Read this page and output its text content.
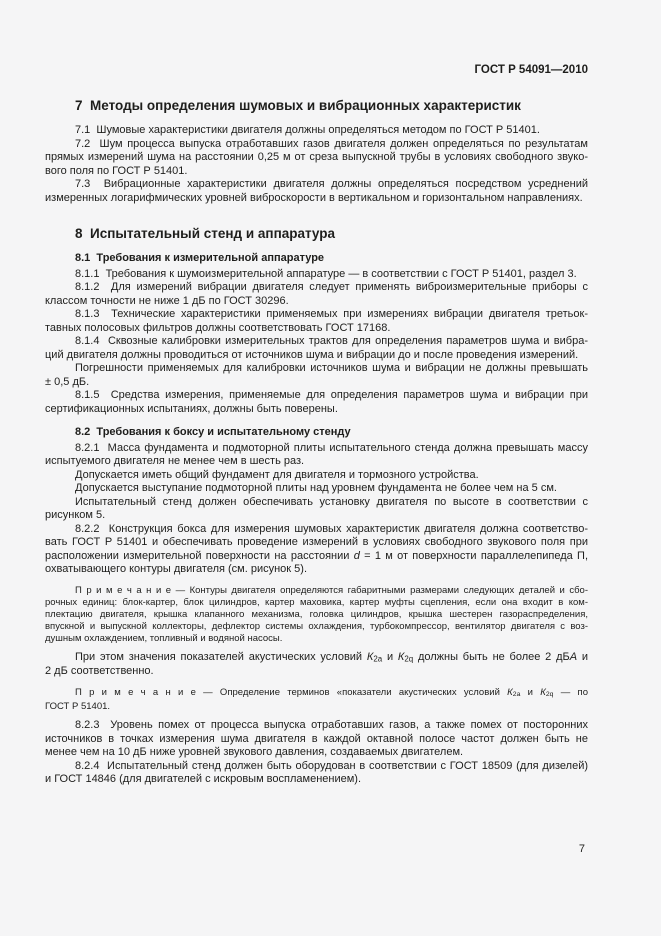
ГОСТ Р 54091—2010
7  Методы определения шумовых и вибрационных характеристик
7.1  Шумовые характеристики двигателя должны определяться методом по ГОСТ Р 51401.
7.2  Шум процесса выпуска отработавших газов двигателя должен определяться по результатам
прямых измерений шума на расстоянии 0,25 м от среза выпускной трубы в условиях свободного звуко-
вого поля по ГОСТ Р 51401.
7.3  Вибрационные характеристики двигателя должны определяться посредством усреднений
измеренных логарифмических уровней виброскорости в вертикальном и горизонтальном направлениях.
8  Испытательный стенд и аппаратура
8.1  Требования к измерительной аппаратуре
8.1.1  Требования к шумоизмерительной аппаратуре — в соответствии с ГОСТ Р 51401, раздел 3.
8.1.2  Для измерений вибрации двигателя следует применять виброизмерительные приборы с
классом точности не ниже 1 дБ по ГОСТ 30296.
8.1.3  Технические характеристики применяемых при измерениях вибрации двигателя третьок-
тавных полосовых фильтров должны соответствовать ГОСТ 17168.
8.1.4  Сквозные калибровки измерительных трактов для определения параметров шума и вибра-
ций двигателя должны проводиться от источников шума и вибрации до и после проведения измерений.
Погрешности применяемых для калибровки источников шума и вибрации не должны превышать
± 0,5 дБ.
8.1.5  Средства измерения, применяемые для определения параметров шума и вибрации при
сертификационных испытаниях, должны быть поверены.
8.2  Требования к боксу и испытательному стенду
8.2.1  Масса фундамента и подмоторной плиты испытательного стенда должна превышать массу
испытуемого двигателя не менее чем в шесть раз.
Допускается иметь общий фундамент для двигателя и тормозного устройства.
Допускается выступание подмоторной плиты над уровнем фундамента не более чем на 5 см.
Испытательный стенд должен обеспечивать установку двигателя по высоте в соответствии с
рисунком 5.
8.2.2  Конструкция бокса для измерения шумовых характеристик двигателя должна соответство-
вать ГОСТ Р 51401 и обеспечивать проведение измерений в условиях свободного звукового поля при
расположении измерительной поверхности на расстоянии d = 1 м от поверхности параллелепипеда П,
охватывающего контуры двигателя (см. рисунок 5).
П р и м е ч а н и е — Контуры двигателя определяются габаритными размерами следующих деталей и сбо-
рочных единиц: блок-картер, блок цилиндров, картер маховика, картер муфты сцепления, если она входит в ком-
плектацию двигателя, крышка клапанного механизма, головка цилиндров, крышка шестерен газораспределения,
впускной и выпускной коллекторы, дефлектор системы охлаждения, турбокомпрессор, вентилятор двигателя с воз-
душным охлаждением, топливный и водяной насосы.
При этом значения показателей акустических условий К2а и К2q должны быть не более 2 дБА и
2 дБ соответственно.
П р и м е ч а н и е — Определение терминов «показатели акустических условий К2а и К2q — по
ГОСТ Р 51401.
8.2.3  Уровень помех от процесса выпуска отработавших газов, а также помех от посторонних
источников в точках измерения шума двигателя в каждой октавной полосе частот должен быть не
менее чем на 10 дБ ниже уровней звукового давления, создаваемых двигателем.
8.2.4  Испытательный стенд должен быть оборудован в соответствии с ГОСТ 18509 (для дизелей)
и ГОСТ 14846 (для двигателей с искровым воспламенением).
7
